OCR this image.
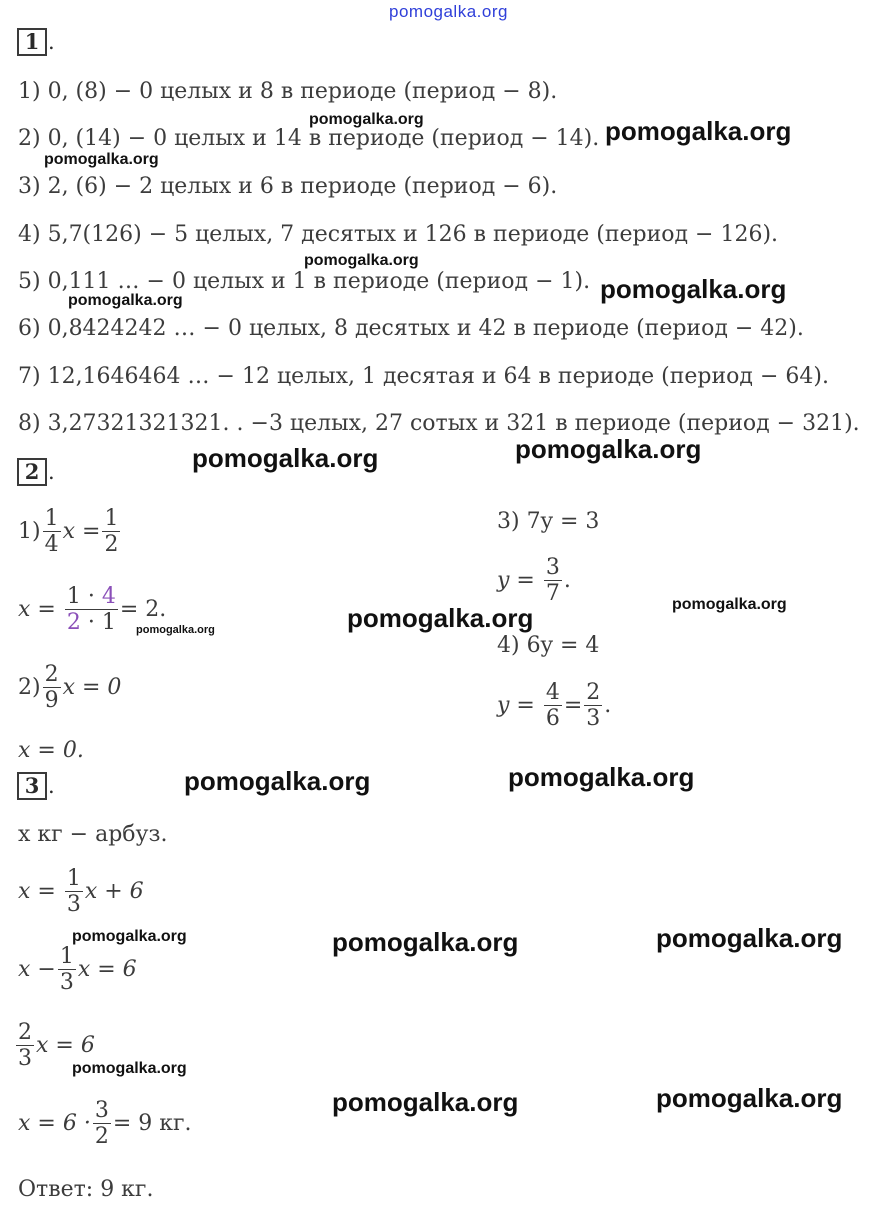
pomogalka.org
1 .
1) 0, (8) − 0 целых и 8 в периоде (период − 8).
2) 0, (14) − 0 целых и 14 в периоде (период − 14).
3) 2, (6) − 2 целых и 6 в периоде (период − 6).
4) 5,7(126) − 5 целых, 7 десятых и 126 в периоде (период − 126).
5) 0,111 … − 0 целых и 1 в периоде (период − 1).
6) 0,8424242 … − 0 целых, 8 десятых и 42 в периоде (период − 42).
7) 12,1646464 … − 12 целых, 1 десятая и 64 в периоде (период − 64).
8) 3,27321321321. . −3 целых, 27 сотых и 321 в периоде (период − 321).
2 .
$1) \frac{1}{4}$ $x = \frac{1}{2}$
x =
$\frac{1 \cdot 4}{2 \cdot 1} = 2$.
$2) \frac{2}{9}$ x = 0
x = 0.
3) 7y = 3
y =
$\frac{3}{7}$ .
4) 6y = 4
y =
$\frac{4}{6} = \frac{2}{3}$ .
3 .
x кг − арбуз.
x =
$\frac{1}{3}$ x + 6
$x - \frac{1}{3}$ x = 6
$\frac{2}{3}$ x = 6
$x = 6 \cdot \frac{3}{2} = 9$ кг.
Ответ: 9 кг.
pomogalka.org	pomogalka.org
pomogalka.org
pomogalka.org
pomogalka.org
pomogalka.org
pomogalka.org
pomogalka.org
pomogalka.org	pomogalka.org
pomogalka.org
pomogalka.org
pomogalka.org
pomogalka.org	pomogalka.org	pomogalka.org
pomogalka.org
pomogalka.org	pomogalka.org
